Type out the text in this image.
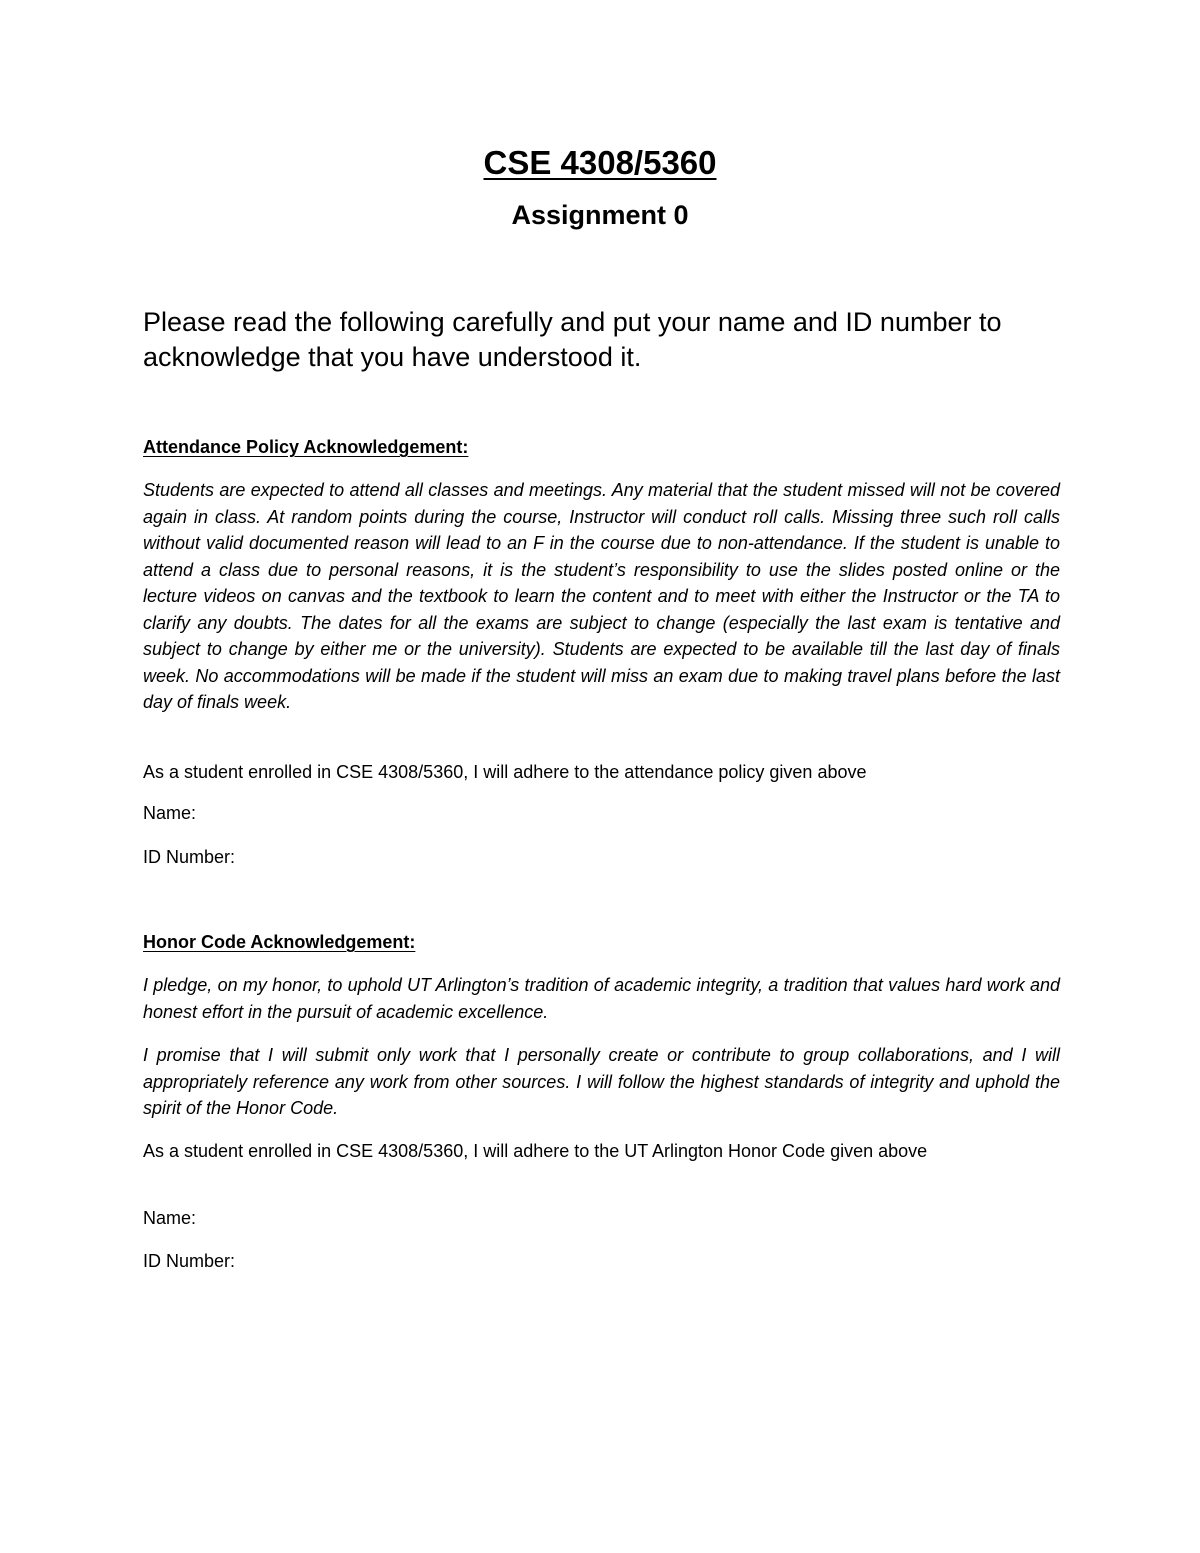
CSE 4308/5360
Assignment 0

Please read the following carefully and put your name and ID number to acknowledge that you have understood it.

Attendance Policy Acknowledgement:

Students are expected to attend all classes and meetings. Any material that the student missed will not be covered again in class. At random points during the course, Instructor will conduct roll calls. Missing three such roll calls without valid documented reason will lead to an F in the course due to non-attendance. If the student is unable to attend a class due to personal reasons, it is the student’s responsibility to use the slides posted online or the lecture videos on canvas and the textbook to learn the content and to meet with either the Instructor or the TA to clarify any doubts. The dates for all the exams are subject to change (especially the last exam is tentative and subject to change by either me or the university). Students are expected to be available till the last day of finals week. No accommodations will be made if the student will miss an exam due to making travel plans before the last day of finals week.

As a student enrolled in CSE 4308/5360, I will adhere to the attendance policy given above

Name:

ID Number:

Honor Code Acknowledgement:

I pledge, on my honor, to uphold UT Arlington’s tradition of academic integrity, a tradition that values hard work and honest effort in the pursuit of academic excellence.

I promise that I will submit only work that I personally create or contribute to group collaborations, and I will appropriately reference any work from other sources. I will follow the highest standards of integrity and uphold the spirit of the Honor Code.

As a student enrolled in CSE 4308/5360, I will adhere to the UT Arlington Honor Code given above

Name:

ID Number:
